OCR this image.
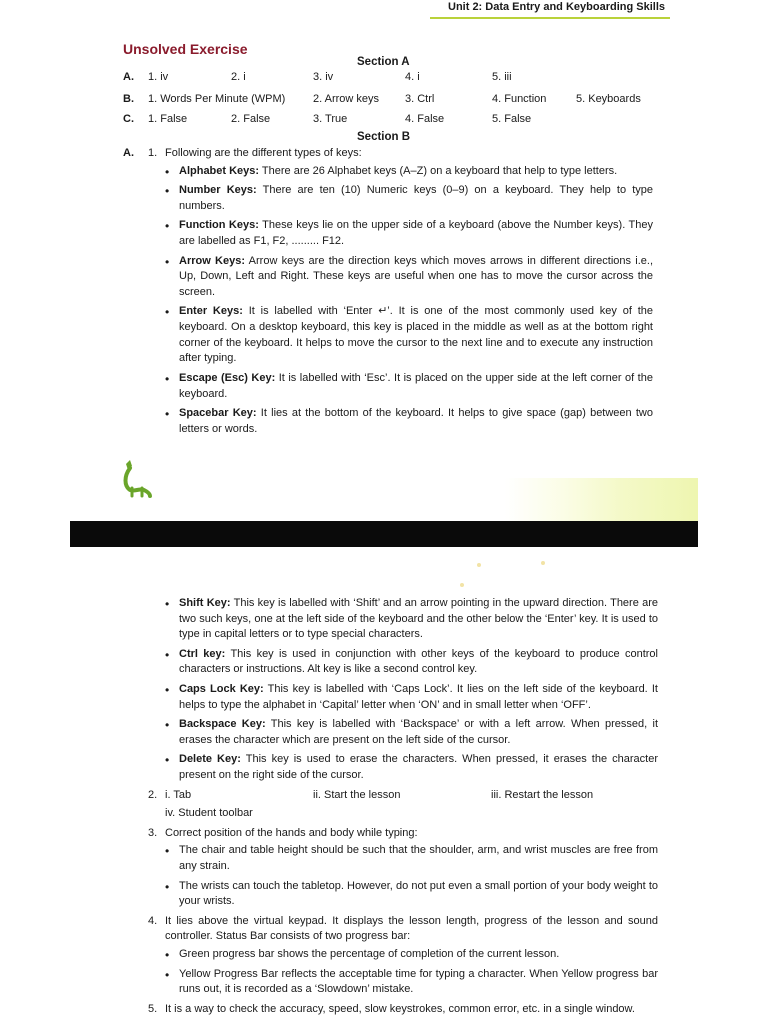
Unit 2: Data Entry and Keyboarding Skills
Unsolved Exercise
Section A
A. 1. iv	2. i	3. iv	4. i	5. iii
B. 1. Words Per Minute (WPM)	2. Arrow keys 3. Ctrl	4. Function	5. Keyboards
C. 1. False	2. False	3. True	4. False	5. False
Section B
A. 1. Following are the different types of keys:
• Alphabet Keys: There are 26 Alphabet keys (A–Z) on a keyboard that help to type letters.
• Number Keys: There are ten (10) Numeric keys (0–9) on a keyboard. They help to type numbers.
• Function Keys: These keys lie on the upper side of a keyboard (above the Number keys). They are labelled as F1, F2, ......... F12.
• Arrow Keys: Arrow keys are the direction keys which moves arrows in different directions i.e., Up, Down, Left and Right. These keys are useful when one has to move the cursor across the screen.
• Enter Keys: It is labelled with ‘Enter ↵’. It is one of the most commonly used key of the keyboard. On a desktop keyboard, this key is placed in the middle as well as at the bottom right corner of the keyboard. It helps to move the cursor to the next line and to execute any instruction after typing.
• Escape (Esc) Key: It is labelled with ‘Esc’. It is placed on the upper side at the left corner of the keyboard.
• Spacebar Key: It lies at the bottom of the keyboard. It helps to give space (gap) between two letters or words.
• Shift Key: This key is labelled with ‘Shift’ and an arrow pointing in the upward direction. There are two such keys, one at the left side of the keyboard and the other below the ‘Enter’ key. It is used to type in capital letters or to type special characters.
• Ctrl key: This key is used in conjunction with other keys of the keyboard to produce control characters or instructions. Alt key is like a second control key.
• Caps Lock Key: This key is labelled with ‘Caps Lock’. It lies on the left side of the keyboard. It helps to type the alphabet in ‘Capital’ letter when ‘ON’ and in small letter when ‘OFF’.
• Backspace Key: This key is labelled with ‘Backspace’ or with a left arrow. When pressed, it erases the character which are present on the left side of the cursor.
• Delete Key: This key is used to erase the characters. When pressed, it erases the character present on the right side of the cursor.
2. i. Tab	ii. Start the lesson	iii. Restart the lesson
iv. Student toolbar
3. Correct position of the hands and body while typing:
• The chair and table height should be such that the shoulder, arm, and wrist muscles are free from any strain.
• The wrists can touch the tabletop. However, do not put even a small portion of your body weight to your wrists.
4. It lies above the virtual keypad. It displays the lesson length, progress of the lesson and sound controller. Status Bar consists of two progress bar:
• Green progress bar shows the percentage of completion of the current lesson.
• Yellow Progress Bar reflects the acceptable time for typing a character. When Yellow progress bar runs out, it is recorded as a ‘Slowdown’ mistake.
5. It is a way to check the accuracy, speed, slow keystrokes, common error, etc. in a single window.
